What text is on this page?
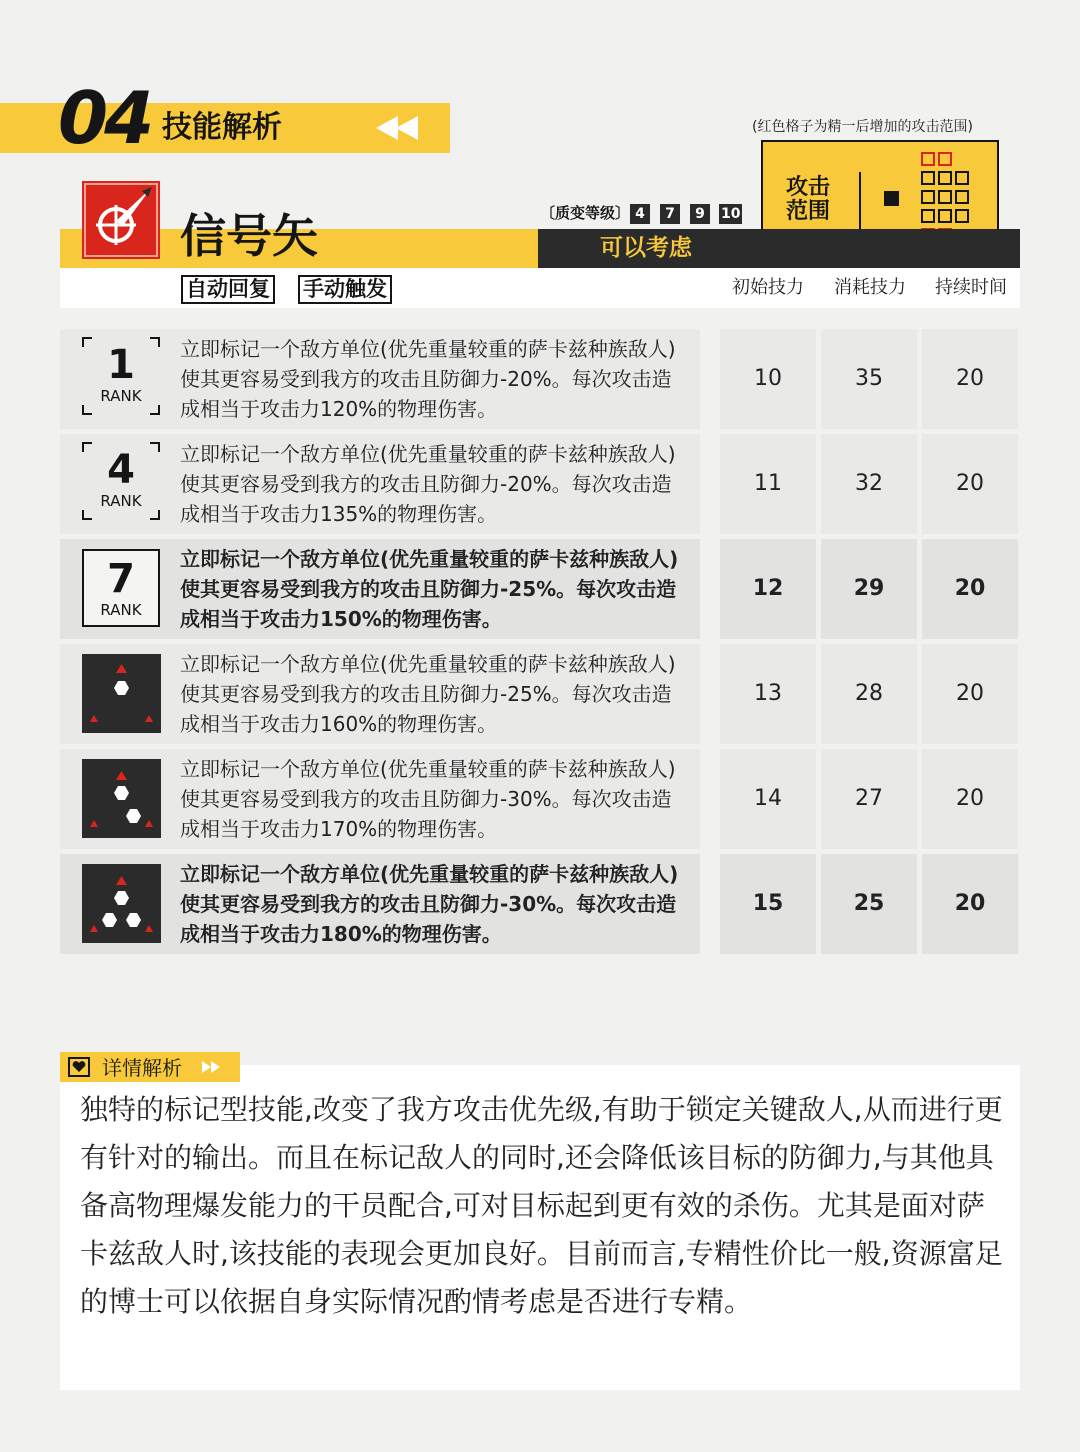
04 技能解析	(红色格子为精一后增加的攻击范围)
攻击范围
信号矢	〔质变等级〕 4	7	9	10
可以考虑
自动回复 手动触发	初始技力	消耗技力	持续时间
1
RANK
立即标记一个敌方单位(优先重量较重的萨卡兹种族敌人)使其更容易受到我方的攻击且防御力-20%。每次攻击造成相当于攻击力120%的物理伤害。
10	35	20
4
RANK
立即标记一个敌方单位(优先重量较重的萨卡兹种族敌人)使其更容易受到我方的攻击且防御力-20%。每次攻击造成相当于攻击力135%的物理伤害。
11	32	20
7
RANK
立即标记一个敌方单位(优先重量较重的萨卡兹种族敌人)使其更容易受到我方的攻击且防御力-25%。每次攻击造成相当于攻击力150%的物理伤害。
12	29	20
立即标记一个敌方单位(优先重量较重的萨卡兹种族敌人)使其更容易受到我方的攻击且防御力-25%。每次攻击造成相当于攻击力160%的物理伤害。
13	28	20
立即标记一个敌方单位(优先重量较重的萨卡兹种族敌人)使其更容易受到我方的攻击且防御力-30%。每次攻击造成相当于攻击力170%的物理伤害。
14	27	20
立即标记一个敌方单位(优先重量较重的萨卡兹种族敌人)使其更容易受到我方的攻击且防御力-30%。每次攻击造成相当于攻击力180%的物理伤害。
15	25	20
详情解析
独特的标记型技能,改变了我方攻击优先级,有助于锁定关键敌人,从而进行更有针对的输出。而且在标记敌人的同时,还会降低该目标的防御力,与其他具备高物理爆发能力的干员配合,可对目标起到更有效的杀伤。尤其是面对萨卡兹敌人时,该技能的表现会更加良好。目前而言,专精性价比一般,资源富足的博士可以依据自身实际情况酌情考虑是否进行专精。
